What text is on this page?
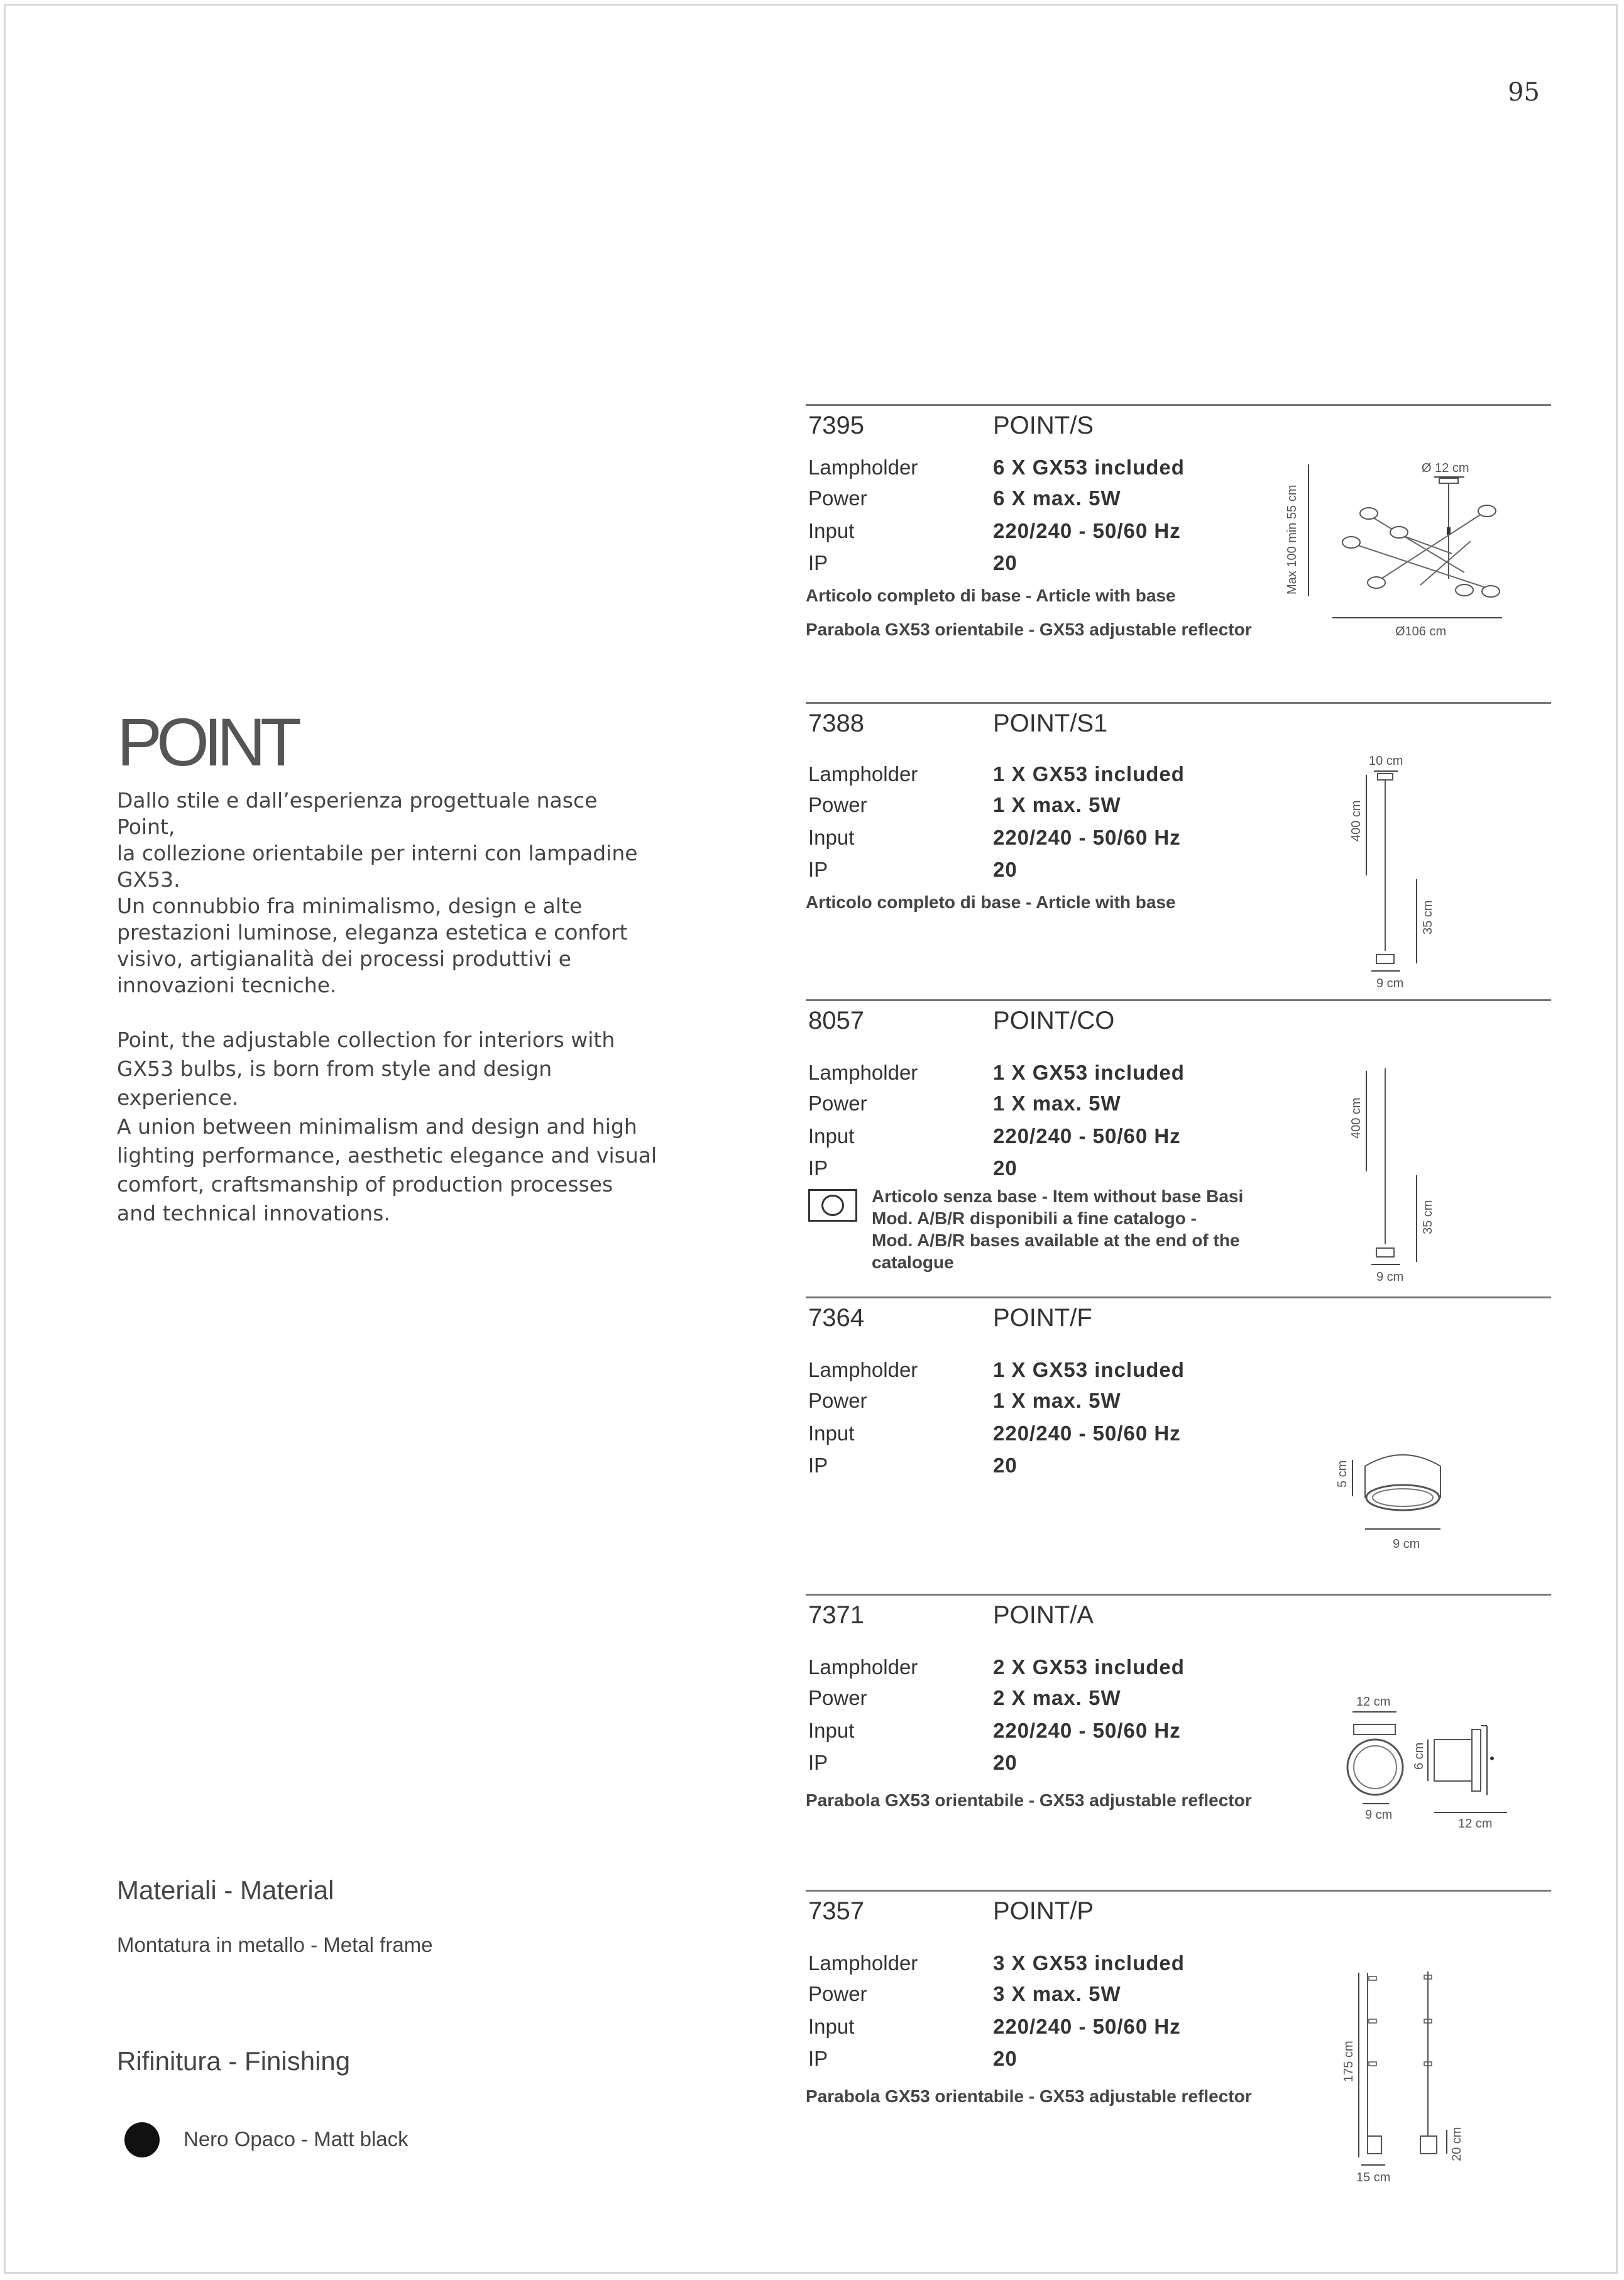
95
POINT

Dallo stile e dall’esperienza progettuale nasce Point,

la collezione orientabile per interni con lampadine

GX53.

Un connubbio fra minimalismo, design e alte

prestazioni luminose, eleganza estetica e confort

visivo, artigianalità dei processi produttivi e

innovazioni tecniche.

Point, the adjustable collection for interiors with

GX53 bulbs, is born from style and design

experience.

A union between minimalism and design and high

lighting performance, aesthetic elegance and visual

comfort, craftsmanship of production processes

and technical innovations.

Materiali - Material
Montatura in metallo - Metal frame
Rifinitura - Finishing
Nero Opaco - Matt black
7395	POINT/S
Lampholder	6 X GX53 included
Power	6 X max. 5W
Input	220/240 - 50/60 Hz
IP	20
Articolo completo di base - Article with base
Parabola GX53 orientabile - GX53 adjustable reflector
Ø 12 cm
Max 100 min 55 cm
Ø106 cm
7388	POINT/S1
Lampholder	1 X GX53 included
Power	1 X max. 5W
Input	220/240 - 50/60 Hz
IP	20
Articolo completo di base - Article with base
10 cm
400 cm
35 cm
9 cm
8057	POINT/CO
Lampholder	1 X GX53 included
Power	1 X max. 5W
Input	220/240 - 50/60 Hz
IP	20
Articolo senza base - Item without base Basi
Mod. A/B/R disponibili a fine catalogo -
Mod. A/B/R bases available at the end of the
catalogue
400 cm
35 cm
9 cm
7364	POINT/F
Lampholder	1 X GX53 included
Power	1 X max. 5W
Input	220/240 - 50/60 Hz
IP	20	5 cm
9 cm
7371	POINT/A
Lampholder	2 X GX53 included
Power	2 X max. 5W
Input	220/240 - 50/60 Hz
IP	20
Parabola GX53 orientabile - GX53 adjustable reflector
12 cm
9 cm
6 cm
12 cm
7357	POINT/P
Lampholder	3 X GX53 included
Power	3 X max. 5W
Input	220/240 - 50/60 Hz
IP	20
Parabola GX53 orientabile - GX53 adjustable reflector
175 cm
15 cm
20 cm
